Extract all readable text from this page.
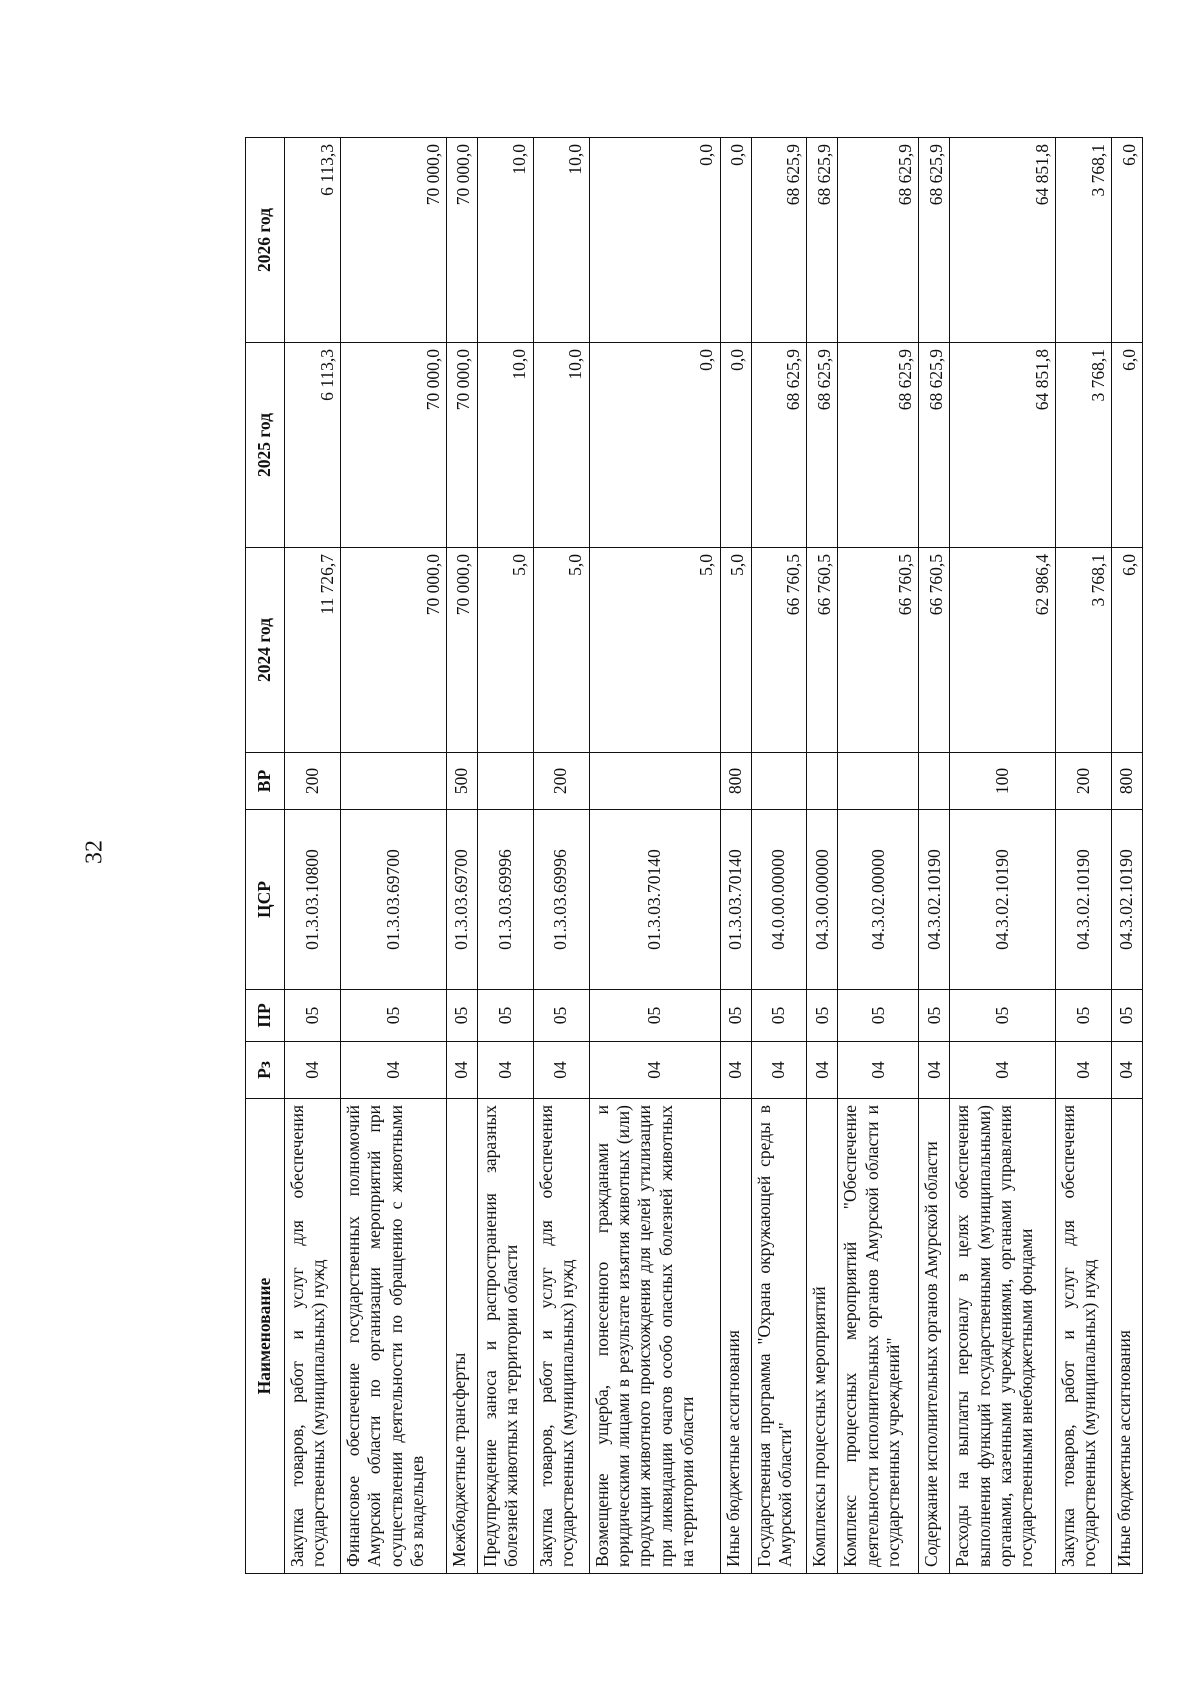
32
Наименование	Рз	ПР	ЦСР	ВР	2024 год	2025 год	2026 год
Закупка товаров, работ и услуг для обеспечения государственных (муниципальных) нужд	04	05	01.3.03.10800	200	11 726,7	6 113,3	6 113,3
Финансовое обеспечение государственных полномочий Амурской области по организации мероприятий при осуществлении деятельности по обращению с животными без владельцев	04	05	01.3.03.69700		70 000,0	70 000,0	70 000,0
Межбюджетные трансферты	04	05	01.3.03.69700	500	70 000,0	70 000,0	70 000,0
Предупреждение заноса и распространения заразных болезней животных на территории области	04	05	01.3.03.69996		5,0	10,0	10,0
Закупка товаров, работ и услуг для обеспечения государственных (муниципальных) нужд	04	05	01.3.03.69996	200	5,0	10,0	10,0
Возмещение ущерба, понесенного гражданами и юридическими лицами в результате изъятия животных (или) продукции животного происхождения для целей утилизации при ликвидации очагов особо опасных болезней животных на территории области	04	05	01.3.03.70140		5,0	0,0	0,0
Иные бюджетные ассигнования	04	05	01.3.03.70140	800	5,0	0,0	0,0
Государственная программа "Охрана окружающей среды в Амурской области"	04	05	04.0.00.00000		66 760,5	68 625,9	68 625,9
Комплексы процессных мероприятий	04	05	04.3.00.00000		66 760,5	68 625,9	68 625,9
Комплекс процессных мероприятий "Обеспечение деятельности исполнительных органов Амурской области и государственных учреждений"	04	05	04.3.02.00000		66 760,5	68 625,9	68 625,9
Содержание исполнительных органов Амурской области	04	05	04.3.02.10190		66 760,5	68 625,9	68 625,9
Расходы на выплаты персоналу в целях обеспечения выполнения функций государственными (муниципальными) органами, казенными учреждениями, органами управления государственными внебюджетными фондами	04	05	04.3.02.10190	100	62 986,4	64 851,8	64 851,8
Закупка товаров, работ и услуг для обеспечения государственных (муниципальных) нужд	04	05	04.3.02.10190	200	3 768,1	3 768,1	3 768,1
Иные бюджетные ассигнования	04	05	04.3.02.10190	800	6,0	6,0	6,0
